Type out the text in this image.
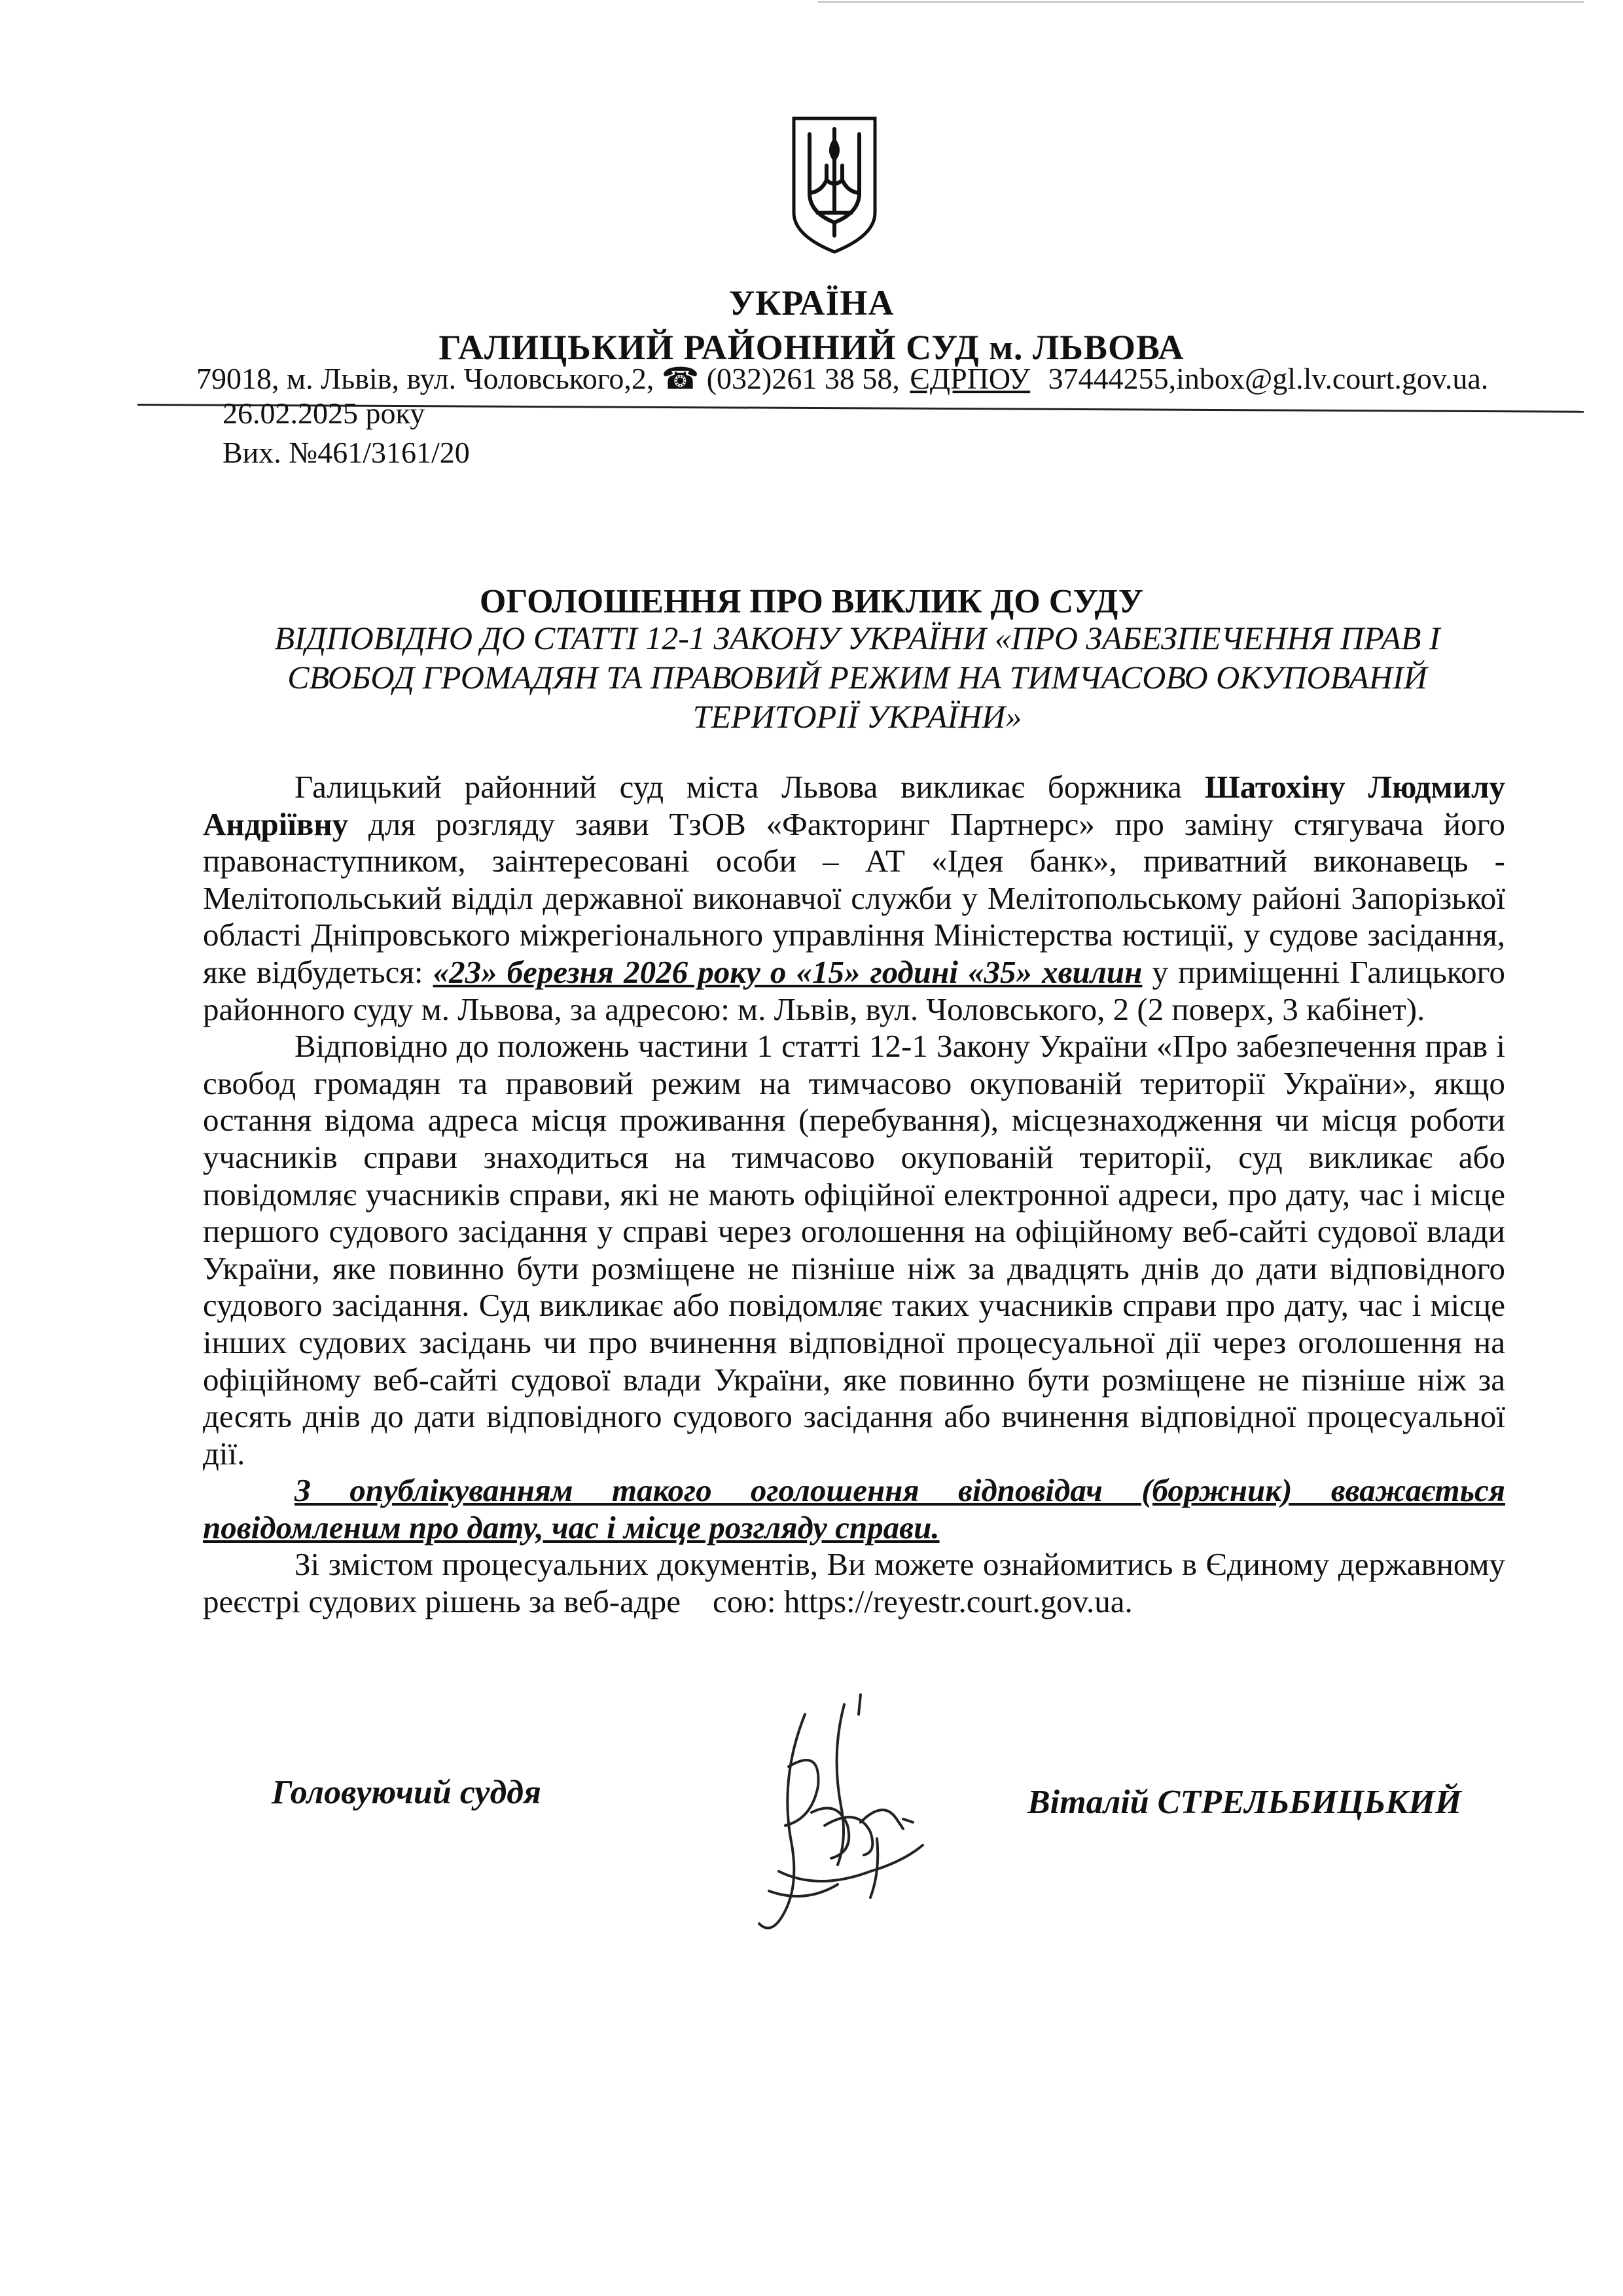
УКРАЇНА
ГАЛИЦЬКИЙ РАЙОННИЙ СУД м. ЛЬВОВА
79018, м. Львів, вул. Чоловського,2, ☎ (032)261 38 58, ЄДРПОУ 37444255,inbox@gl.lv.court.gov.ua.
26.02.2025 року
Вих. №461/3161/20
ОГОЛОШЕННЯ ПРО ВИКЛИК ДО СУДУ
ВІДПОВІДНО ДО СТАТТІ 12-1 ЗАКОНУ УКРАЇНИ «ПРО ЗАБЕЗПЕЧЕННЯ ПРАВ І СВОБОД ГРОМАДЯН ТА ПРАВОВИЙ РЕЖИМ НА ТИМЧАСОВО ОКУПОВАНІЙ ТЕРИТОРІЇ УКРАЇНИ»

Галицький районний суд міста Львова викликає боржника Шатохіну Людмилу Андріївну для розгляду заяви ТзОВ «Факторинг Партнерс» про заміну стягувача його правонаступником, заінтересовані особи – АТ «Ідея банк», приватний виконавець - Мелітопольський відділ державної виконавчої служби у Мелітопольському районі Запорізької області Дніпровського міжрегіонального управління Міністерства юстиції, у судове засідання, яке відбудеться: «23» березня 2026 року о «15» годині «35» хвилин у приміщенні Галицького районного суду м. Львова, за адресою: м. Львів, вул. Чоловського, 2 (2 поверх, 3 кабінет).

Відповідно до положень частини 1 статті 12-1 Закону України «Про забезпечення прав і свобод громадян та правовий режим на тимчасово окупованій території України», якщо остання відома адреса місця проживання (перебування), місцезнаходження чи місця роботи учасників справи знаходиться на тимчасово окупованій території, суд викликає або повідомляє учасників справи, які не мають офіційної електронної адреси, про дату, час і місце першого судового засідання у справі через оголошення на офіційному веб-сайті судової влади України, яке повинно бути розміщене не пізніше ніж за двадцять днів до дати відповідного судового засідання. Суд викликає або повідомляє таких учасників справи про дату, час і місце інших судових засідань чи про вчинення відповідної процесуальної дії через оголошення на офіційному веб-сайті судової влади України, яке повинно бути розміщене не пізніше ніж за десять днів до дати відповідного судового засідання або вчинення відповідної процесуальної дії.

З опублікуванням такого оголошення відповідач (боржник) вважається повідомленим про дату, час і місце розгляду справи.

Зі змістом процесуальних документів, Ви можете ознайомитись в Єдиному державному реєстрі судових рішень за веб-адре сою: https://reyestr.court.gov.ua.

Головуючий суддя	Віталій СТРЕЛЬБИЦЬКИЙ
